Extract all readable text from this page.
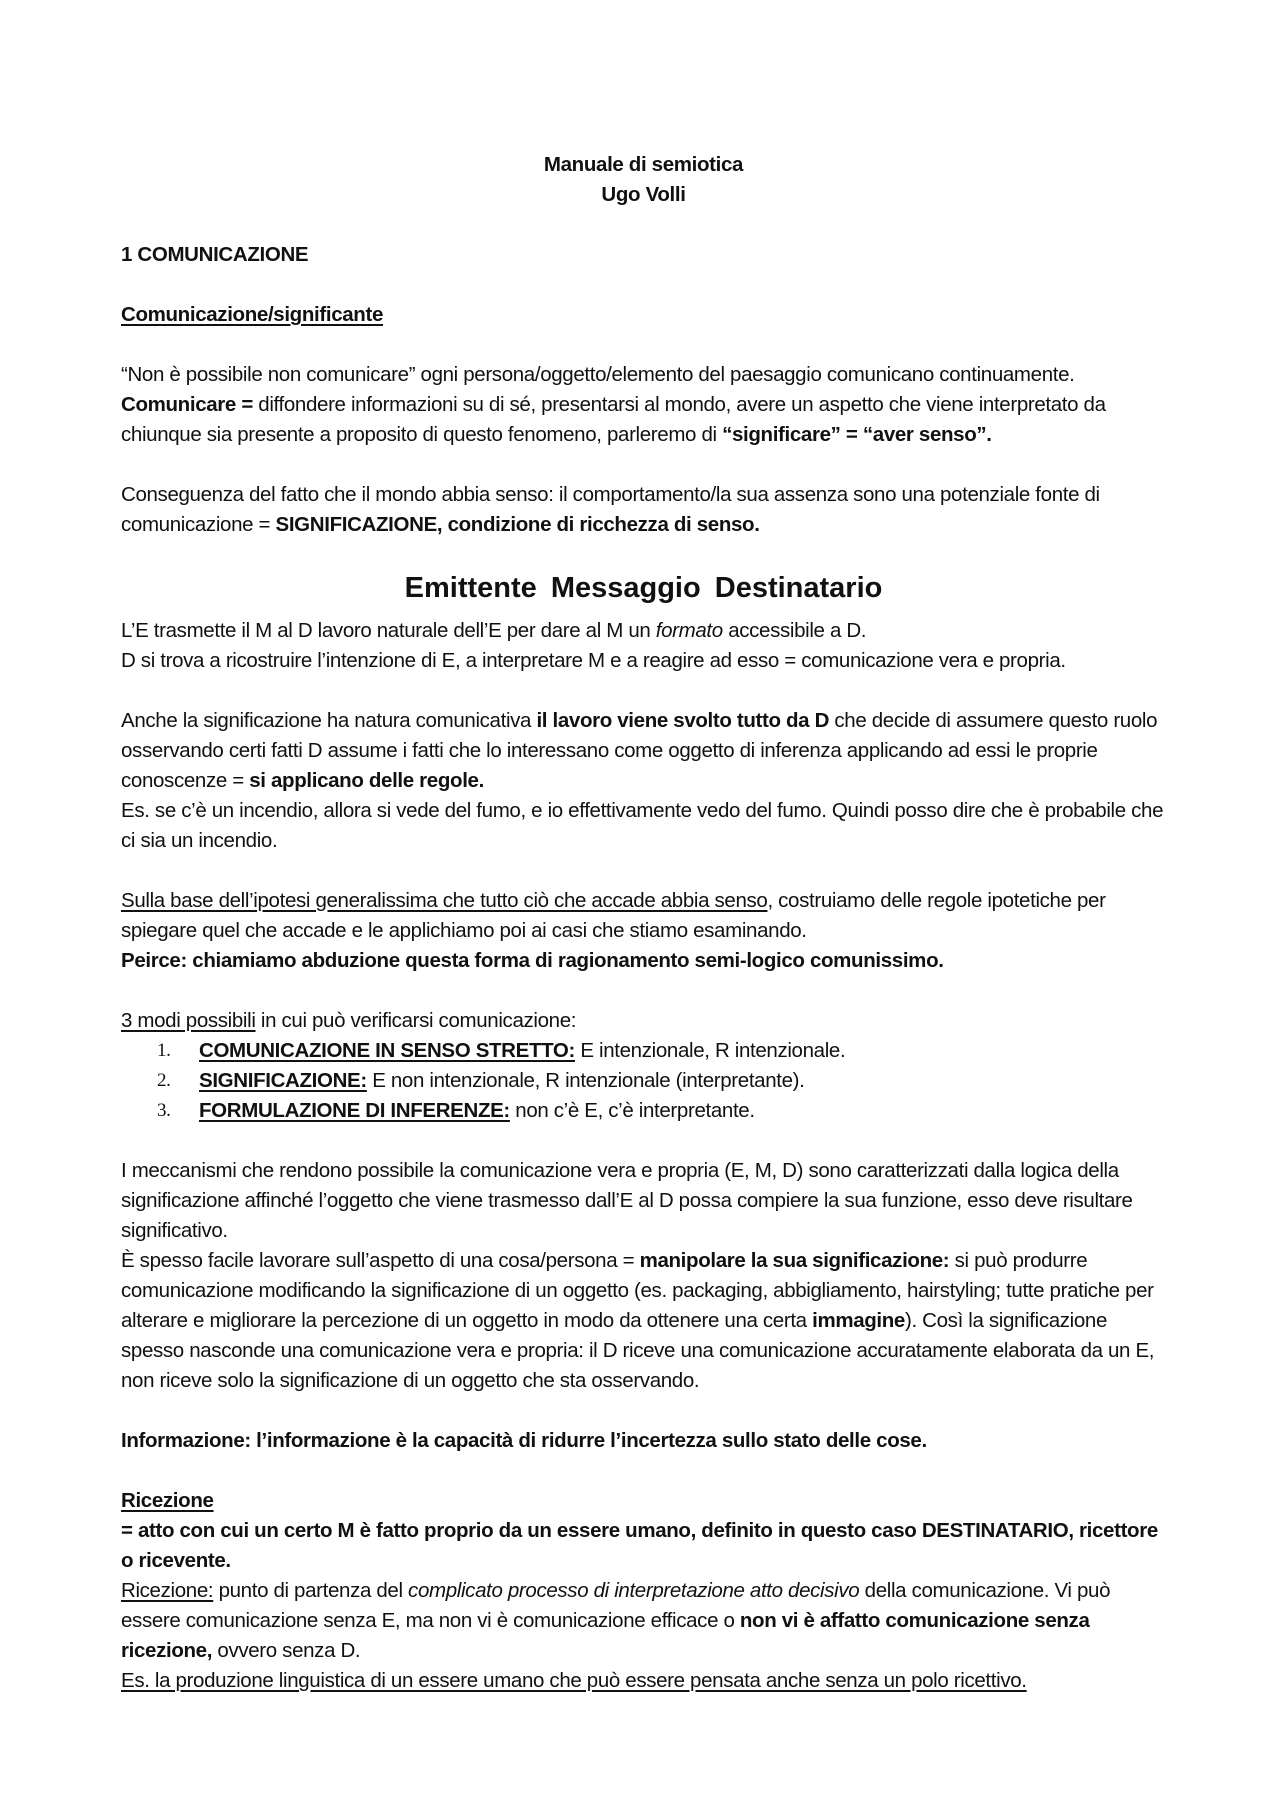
Manuale di semiotica

Ugo Volli

1 COMUNICAZIONE

Comunicazione/significante

“Non è possibile non comunicare” ogni persona/oggetto/elemento del paesaggio comunicano continuamente. Comunicare = diffondere informazioni su di sé, presentarsi al mondo, avere un aspetto che viene interpretato da chiunque sia presente a proposito di questo fenomeno, parleremo di “significare” = “aver senso”.

Conseguenza del fatto che il mondo abbia senso: il comportamento/la sua assenza sono una potenziale fonte di comunicazione = SIGNIFICAZIONE, condizione di ricchezza di senso.

Emittente Messaggio Destinatario

L’E trasmette il M al D lavoro naturale dell’E per dare al M un formato accessibile a D.

D si trova a ricostruire l’intenzione di E, a interpretare M e a reagire ad esso = comunicazione vera e propria.

Anche la significazione ha natura comunicativa il lavoro viene svolto tutto da D che decide di assumere questo ruolo osservando certi fatti D assume i fatti che lo interessano come oggetto di inferenza applicando ad essi le proprie conoscenze = si applicano delle regole.

Es. se c’è un incendio, allora si vede del fumo, e io effettivamente vedo del fumo. Quindi posso dire che è probabile che ci sia un incendio.

Sulla base dell’ipotesi generalissima che tutto ciò che accade abbia senso, costruiamo delle regole ipotetiche per spiegare quel che accade e le applichiamo poi ai casi che stiamo esaminando.

Peirce: chiamiamo abduzione questa forma di ragionamento semi-logico comunissimo.

3 modi possibili in cui può verificarsi comunicazione:

1. COMUNICAZIONE IN SENSO STRETTO: E intenzionale, R intenzionale.
2. SIGNIFICAZIONE: E non intenzionale, R intenzionale (interpretante).
3. FORMULAZIONE DI INFERENZE: non c’è E, c’è interpretante.

I meccanismi che rendono possibile la comunicazione vera e propria (E, M, D) sono caratterizzati dalla logica della significazione affinché l’oggetto che viene trasmesso dall’E al D possa compiere la sua funzione, esso deve risultare significativo.

È spesso facile lavorare sull’aspetto di una cosa/persona = manipolare la sua significazione: si può produrre comunicazione modificando la significazione di un oggetto (es. packaging, abbigliamento, hairstyling; tutte pratiche per alterare e migliorare la percezione di un oggetto in modo da ottenere una certa immagine). Così la significazione spesso nasconde una comunicazione vera e propria: il D riceve una comunicazione accuratamente elaborata da un E, non riceve solo la significazione di un oggetto che sta osservando.

Informazione: l’informazione è la capacità di ridurre l’incertezza sullo stato delle cose.

Ricezione

= atto con cui un certo M è fatto proprio da un essere umano, definito in questo caso DESTINATARIO, ricettore o ricevente.

Ricezione: punto di partenza del complicato processo di interpretazione atto decisivo della comunicazione. Vi può essere comunicazione senza E, ma non vi è comunicazione efficace o non vi è affatto comunicazione senza ricezione, ovvero senza D.

Es. la produzione linguistica di un essere umano che può essere pensata anche senza un polo ricettivo.
